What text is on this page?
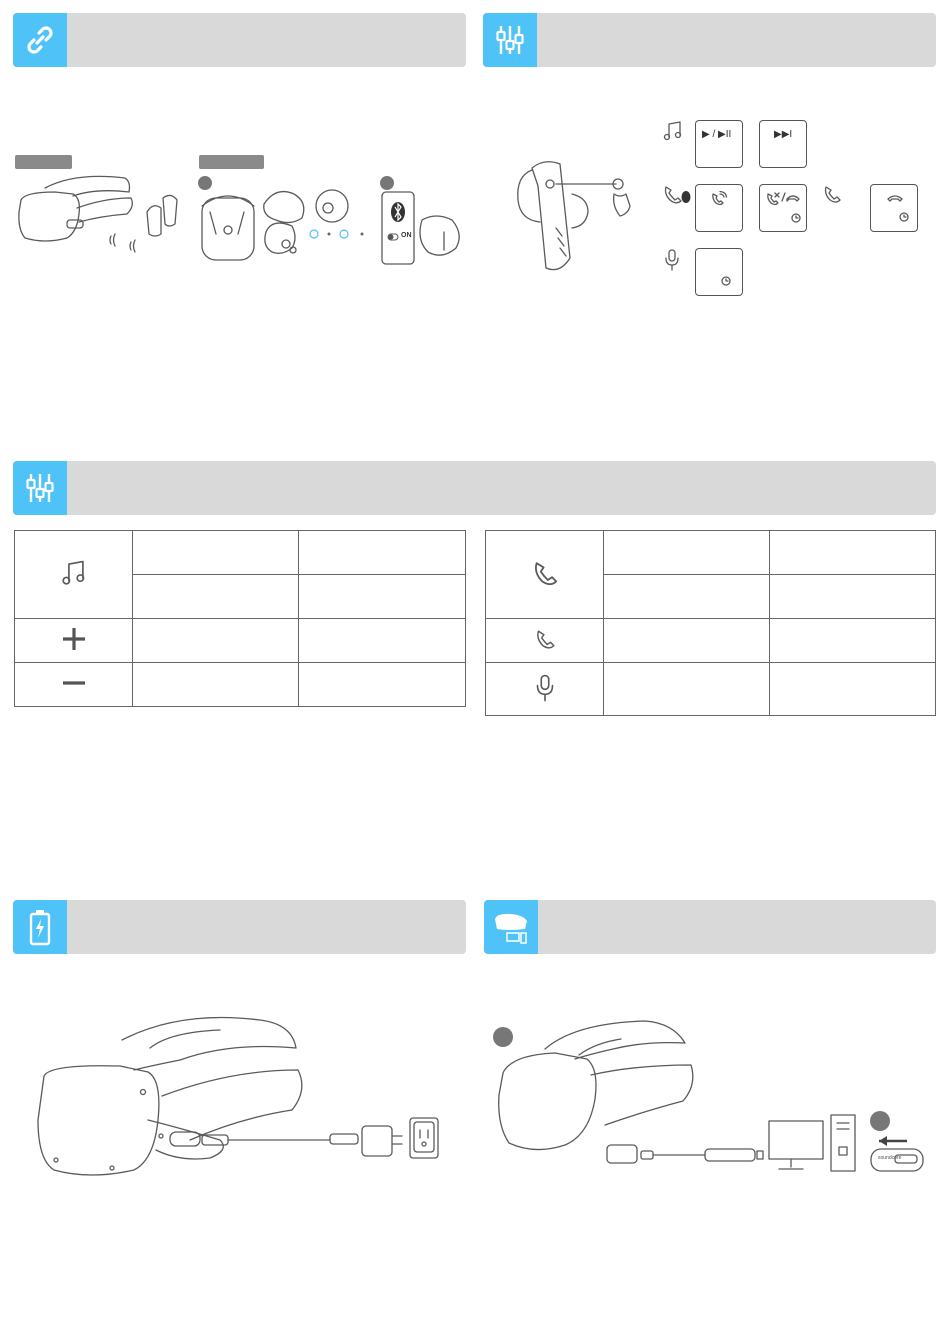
ON
▶ / ▶II	▶▶I

soundcore
